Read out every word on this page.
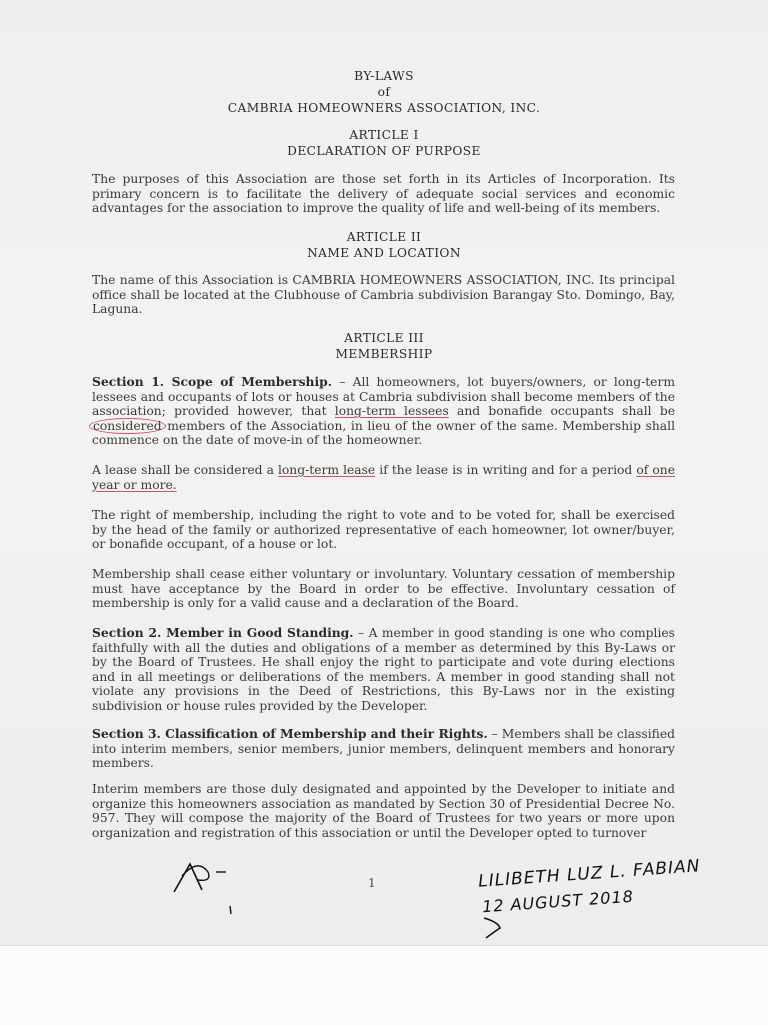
BY-LAWS
of
CAMBRIA HOMEOWNERS ASSOCIATION, INC.
ARTICLE I
DECLARATION OF PURPOSE

The purposes of this Association are those set forth in its Articles of Incorporation. Its primary concern is to facilitate the delivery of adequate social services and economic advantages for the association to improve the quality of life and well-being of its members.

ARTICLE II
NAME AND LOCATION

The name of this Association is CAMBRIA HOMEOWNERS ASSOCIATION, INC. Its principal office shall be located at the Clubhouse of Cambria subdivision Barangay Sto. Domingo, Bay, Laguna.

ARTICLE III
MEMBERSHIP

Section 1. Scope of Membership. – All homeowners, lot buyers/owners, or long-term lessees and occupants of lots or houses at Cambria subdivision shall become members of the association; provided however, that long-term lessees and bonafide occupants shall be considered members of the Association, in lieu of the owner of the same. Membership shall commence on the date of move-in of the homeowner.

A lease shall be considered a long-term lease if the lease is in writing and for a period of one year or more.

The right of membership, including the right to vote and to be voted for, shall be exercised by the head of the family or authorized representative of each homeowner, lot owner/buyer, or bonafide occupant, of a house or lot.

Membership shall cease either voluntary or involuntary. Voluntary cessation of membership must have acceptance by the Board in order to be effective. Involuntary cessation of membership is only for a valid cause and a declaration of the Board.

Section 2. Member in Good Standing. – A member in good standing is one who complies faithfully with all the duties and obligations of a member as determined by this By-Laws or by the Board of Trustees. He shall enjoy the right to participate and vote during elections and in all meetings or deliberations of the members. A member in good standing shall not violate any provisions in the Deed of Restrictions, this By-Laws nor in the existing subdivision or house rules provided by the Developer.

Section 3. Classification of Membership and their Rights. – Members shall be classified into interim members, senior members, junior members, delinquent members and honorary members.

Interim members are those duly designated and appointed by the Developer to initiate and organize this homeowners association as mandated by Section 30 of Presidential Decree No. 957. They will compose the majority of the Board of Trustees for two years or more upon organization and registration of this association or until the Developer opted to turnover

1	LILIBETH LUZ L. FABIAN
12 AUGUST 2018
